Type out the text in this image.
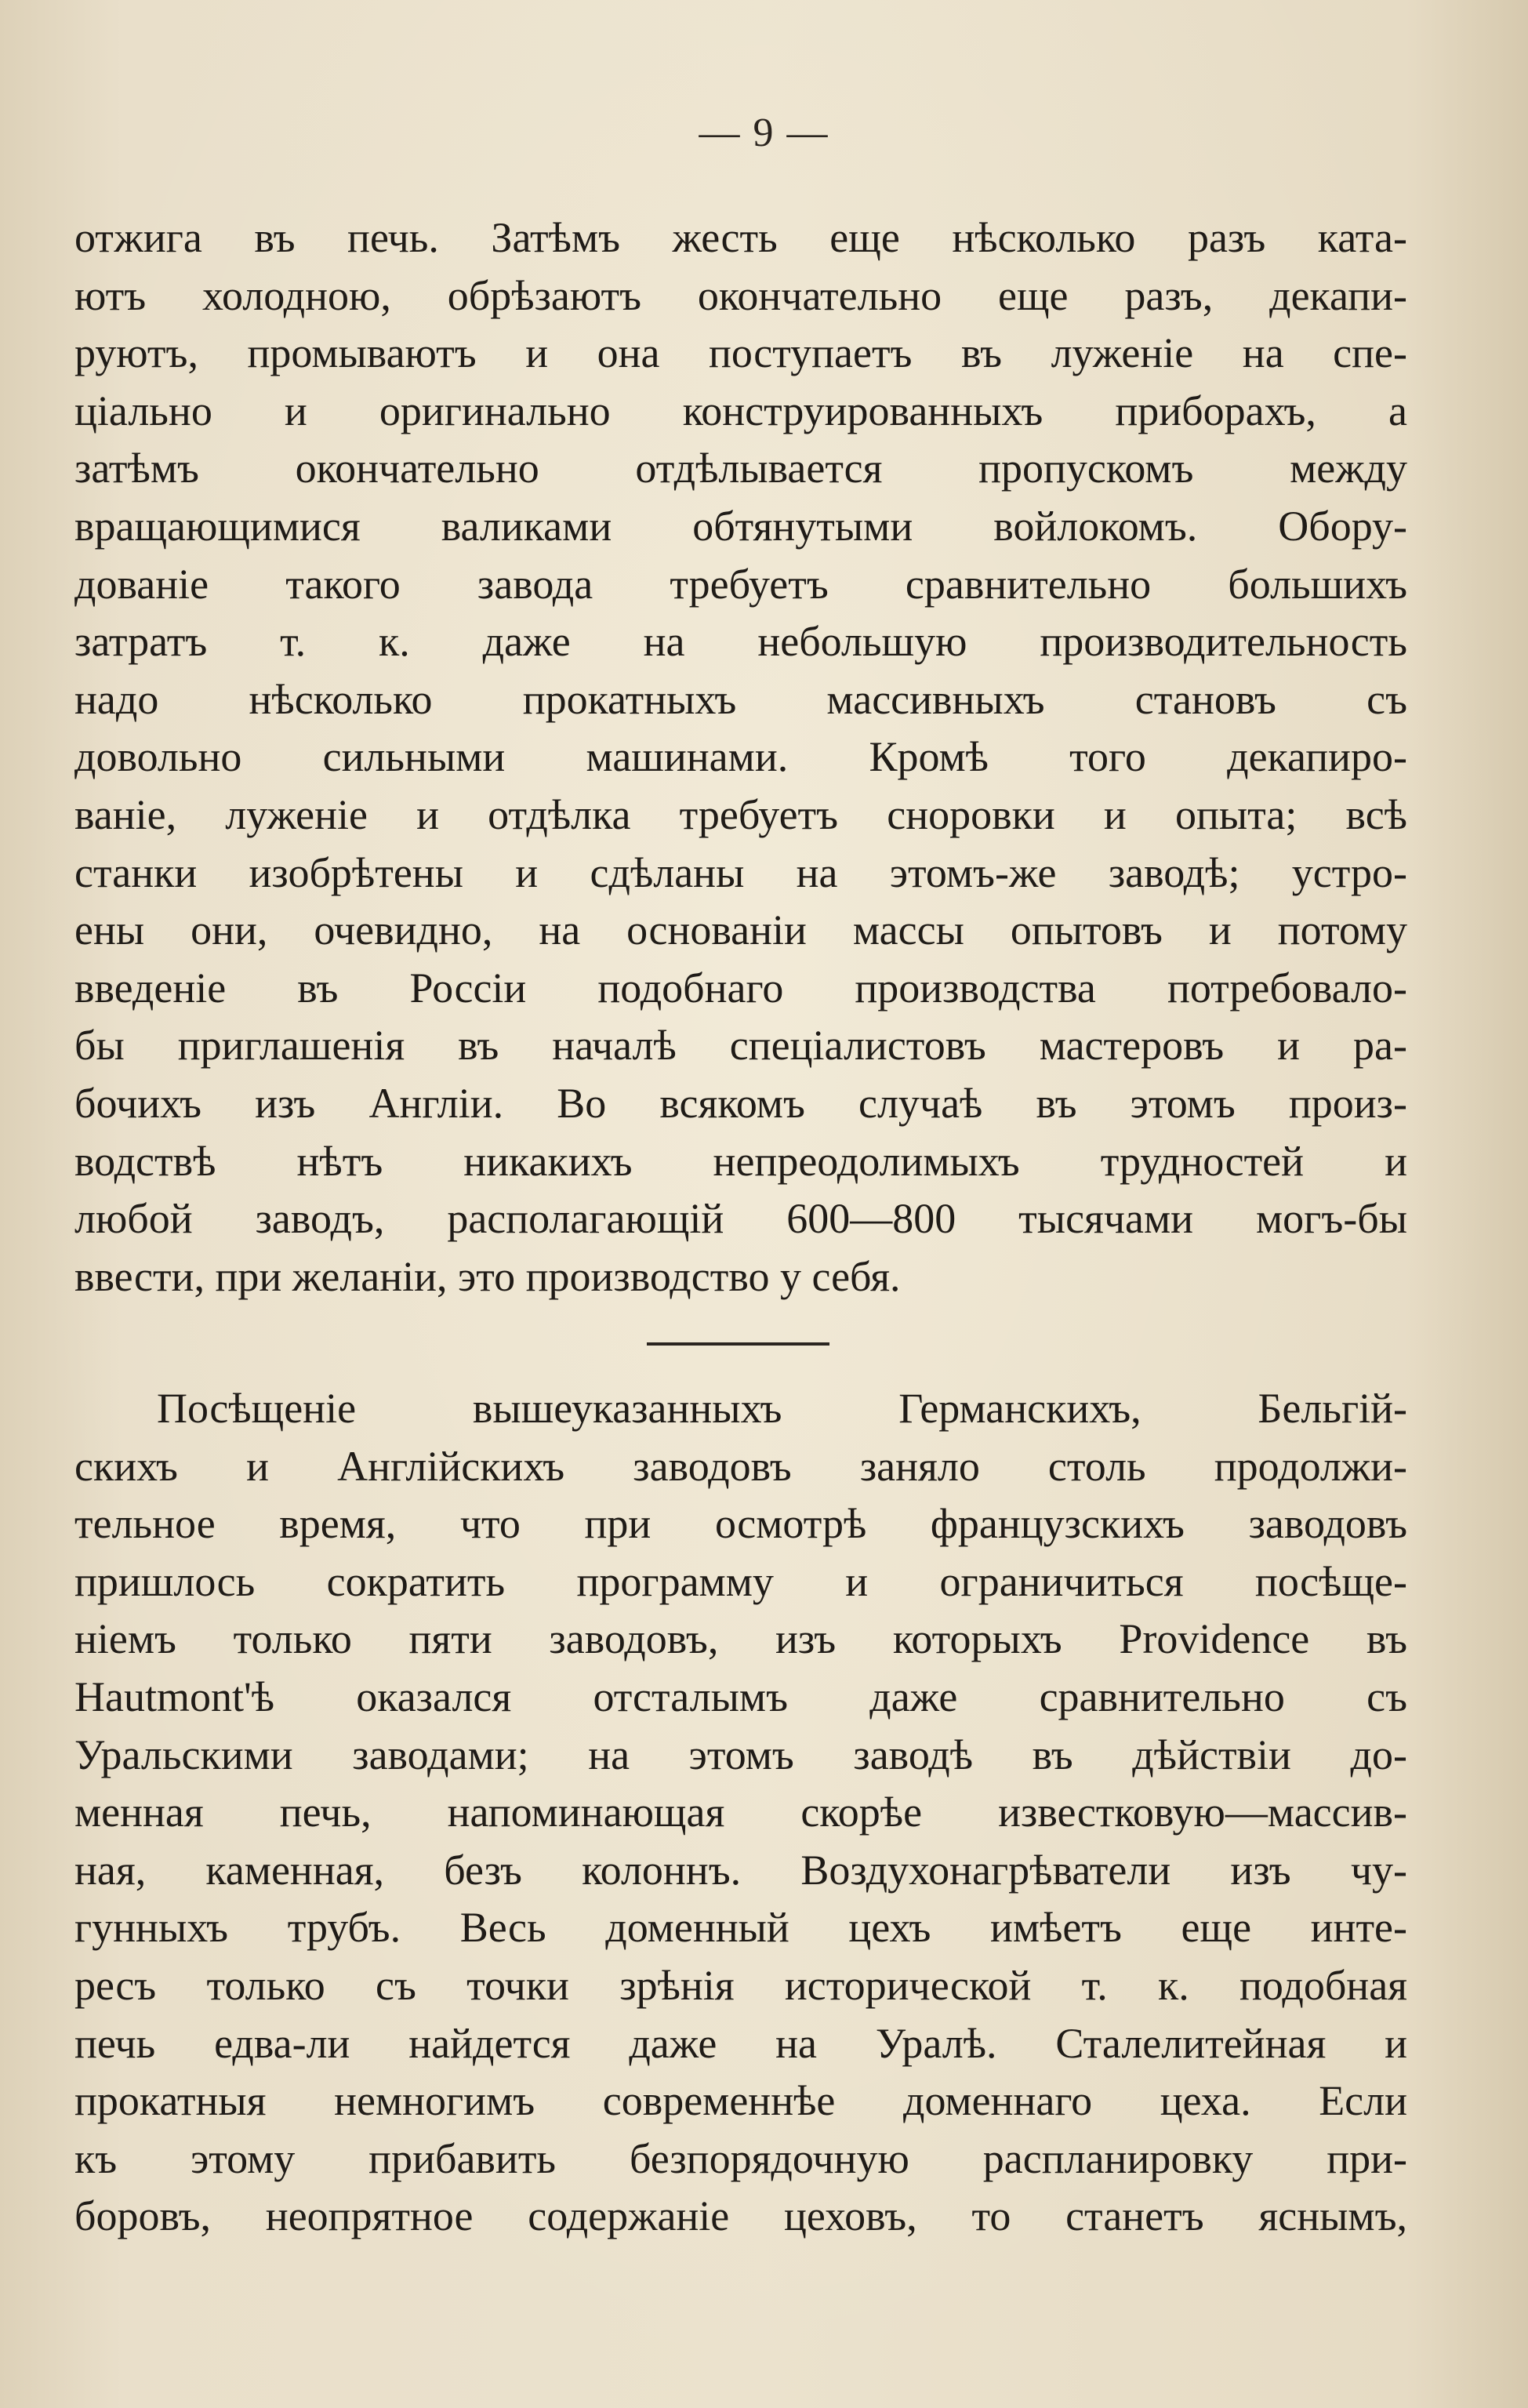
— 9 —
отжига въ печь. Затѣмъ жесть еще нѣсколько разъ ката-
ютъ холодною, обрѣзаютъ окончательно еще разъ, декапи-
руютъ, промываютъ и она поступаетъ въ луженіе на спе-
ціально и оригинально конструированныхъ приборахъ, а
затѣмъ окончательно отдѣлывается пропускомъ между
вращающимися валиками обтянутыми войлокомъ. Обору-
дованіе такого завода требуетъ сравнительно большихъ
затратъ т. к. даже на небольшую производительность
надо нѣсколько прокатныхъ массивныхъ становъ съ
довольно сильными машинами. Кромѣ того декапиро-
ваніе, луженіе и отдѣлка требуетъ сноровки и опыта; всѣ
станки изобрѣтены и сдѣланы на этомъ-же заводѣ; устро-
ены они, очевидно, на основаніи массы опытовъ и потому
введеніе въ Россіи подобнаго производства потребовало-
бы приглашенія въ началѣ спеціалистовъ мастеровъ и ра-
бочихъ изъ Англіи. Во всякомъ случаѣ въ этомъ произ-
водствѣ нѣтъ никакихъ непреодолимыхъ трудностей и
любой заводъ, располагающій 600—800 тысячами могъ-бы
ввести, при желаніи, это производство у себя.
Посѣщеніе вышеуказанныхъ Германскихъ, Бельгій-
скихъ и Англійскихъ заводовъ заняло столь продолжи-
тельное время, что при осмотрѣ французскихъ заводовъ
пришлось сократить программу и ограничиться посѣще-
ніемъ только пяти заводовъ, изъ которыхъ Providence въ
Hautmont'ѣ оказался отсталымъ даже сравнительно съ
Уральскими заводами; на этомъ заводѣ въ дѣйствіи до-
менная печь, напоминающая скорѣе известковую—массив-
ная, каменная, безъ колоннъ. Воздухонагрѣватели изъ чу-
гунныхъ трубъ. Весь доменный цехъ имѣетъ еще инте-
ресъ только съ точки зрѣнія исторической т. к. подобная
печь едва-ли найдется даже на Уралѣ. Сталелитейная и
прокатныя немногимъ современнѣе доменнаго цеха. Если
къ этому прибавить безпорядочную распланировку при-
боровъ, неопрятное содержаніе цеховъ, то станетъ яснымъ,
